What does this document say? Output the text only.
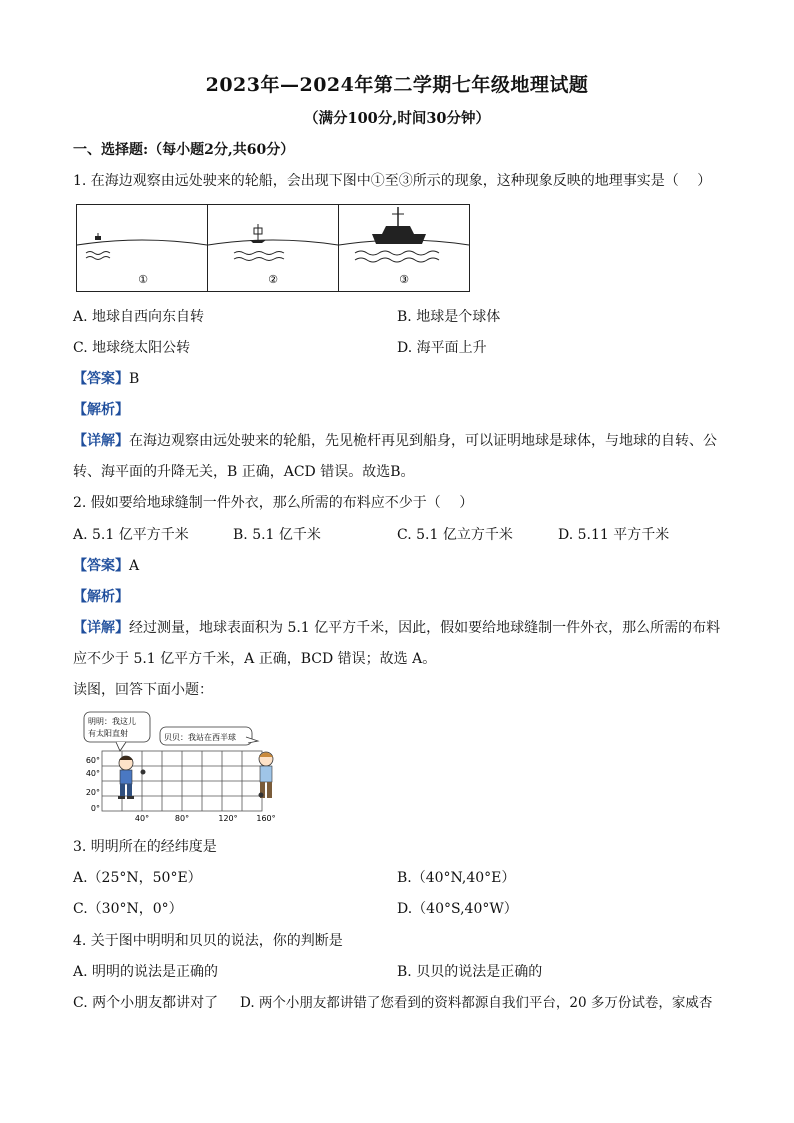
2023年—2024年第二学期七年级地理试题
（满分100分,时间30分钟）
一、选择题:（每小题2分,共60分）
1. 在海边观察由远处驶来的轮船，会出现下图中①至③所示的现象，这种现象反映的地理事实是（　 ）
①	②	③
A. 地球自西向东自转	B. 地球是个球体
C. 地球绕太阳公转	D. 海平面上升
【答案】B
【解析】
【详解】在海边观察由远处驶来的轮船，先见桅杆再见到船身，可以证明地球是球体，与地球的自转、公
转、海平面的升降无关，B 正确，ACD 错误。故选B。
2. 假如要给地球缝制一件外衣，那么所需的布料应不少于（　 ）
A. 5.1 亿平方千米	B. 5.1 亿千米	C. 5.1 亿立方千米	D. 5.11 平方千米
【答案】A
【解析】
【详解】经过测量，地球表面积为 5.1 亿平方千米，因此，假如要给地球缝制一件外衣，那么所需的布料
应不少于 5.1 亿平方千米，A 正确，BCD 错误；故选 A。
读图，回答下面小题：
明明：我这儿
有太阳直射	贝贝：我站在西半球
60°
40°
20°
0°
40°	80°	120° 160°
3. 明明所在的经纬度是
A.（25°N，50°E）	B.（40°N,40°E）
C.（30°N，0°）	D.（40°S,40°W）
4. 关于图中明明和贝贝的说法，你的判断是
A. 明明的说法是正确的	B. 贝贝的说法是正确的
C. 两个小朋友都讲对了 D. 两个小朋友都讲错了您看到的资料都源自我们平台，20 多万份试卷，家威杏
